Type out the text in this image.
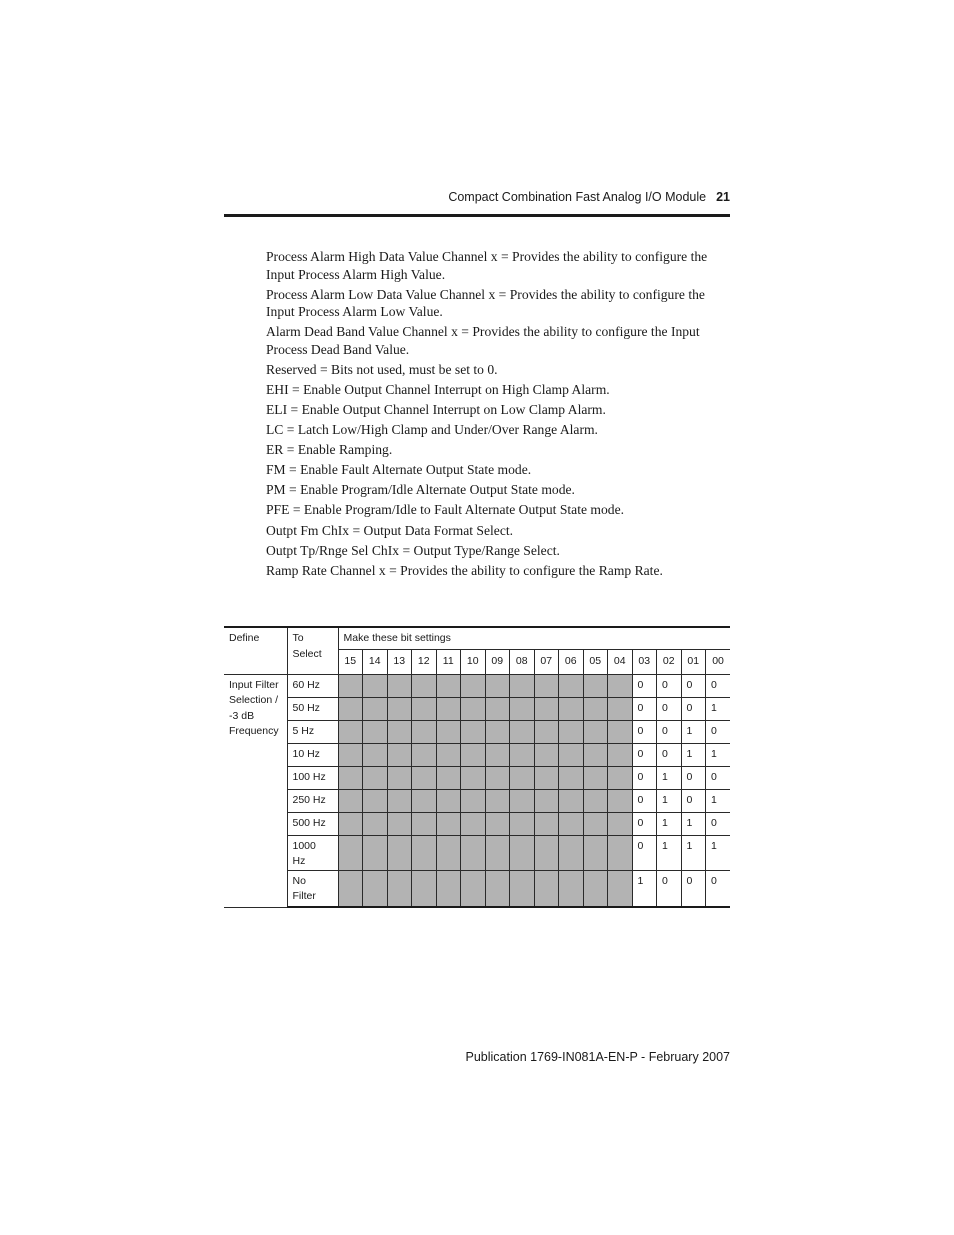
Compact Combination Fast Analog I/O Module 21

Process Alarm High Data Value Channel x = Provides the ability to configure the Input Process Alarm High Value.

Process Alarm Low Data Value Channel x = Provides the ability to configure the Input Process Alarm Low Value.

Alarm Dead Band Value Channel x = Provides the ability to configure the Input Process Dead Band Value.

Reserved = Bits not used, must be set to 0.

EHI = Enable Output Channel Interrupt on High Clamp Alarm.

ELI = Enable Output Channel Interrupt on Low Clamp Alarm.

LC = Latch Low/High Clamp and Under/Over Range Alarm.

ER = Enable Ramping.

FM = Enable Fault Alternate Output State mode.

PM = Enable Program/Idle Alternate Output State mode.

PFE = Enable Program/Idle to Fault Alternate Output State mode.

Outpt Fm ChIx = Output Data Format Select.

Outpt Tp/Rnge Sel ChIx = Output Type/Range Select.

Ramp Rate Channel x = Provides the ability to configure the Ramp Rate.

Define	To Select	Make these bit settings															
		15	14	13	12	11	10	09	08	07	06	05	04	03	02	01	00
Input Filter Selection / -3 dB Frequency	60 Hz													0	0	0	0
	50 Hz													0	0	0	1
	5 Hz													0	0	1	0
	10 Hz													0	0	1	1
	100 Hz													0	1	0	0
	250 Hz													0	1	0	1
	500 Hz													0	1	1	0
	1000 Hz													0	1	1	1
	No Filter													1	0	0	0
Publication 1769-IN081A-EN-P - February 2007
